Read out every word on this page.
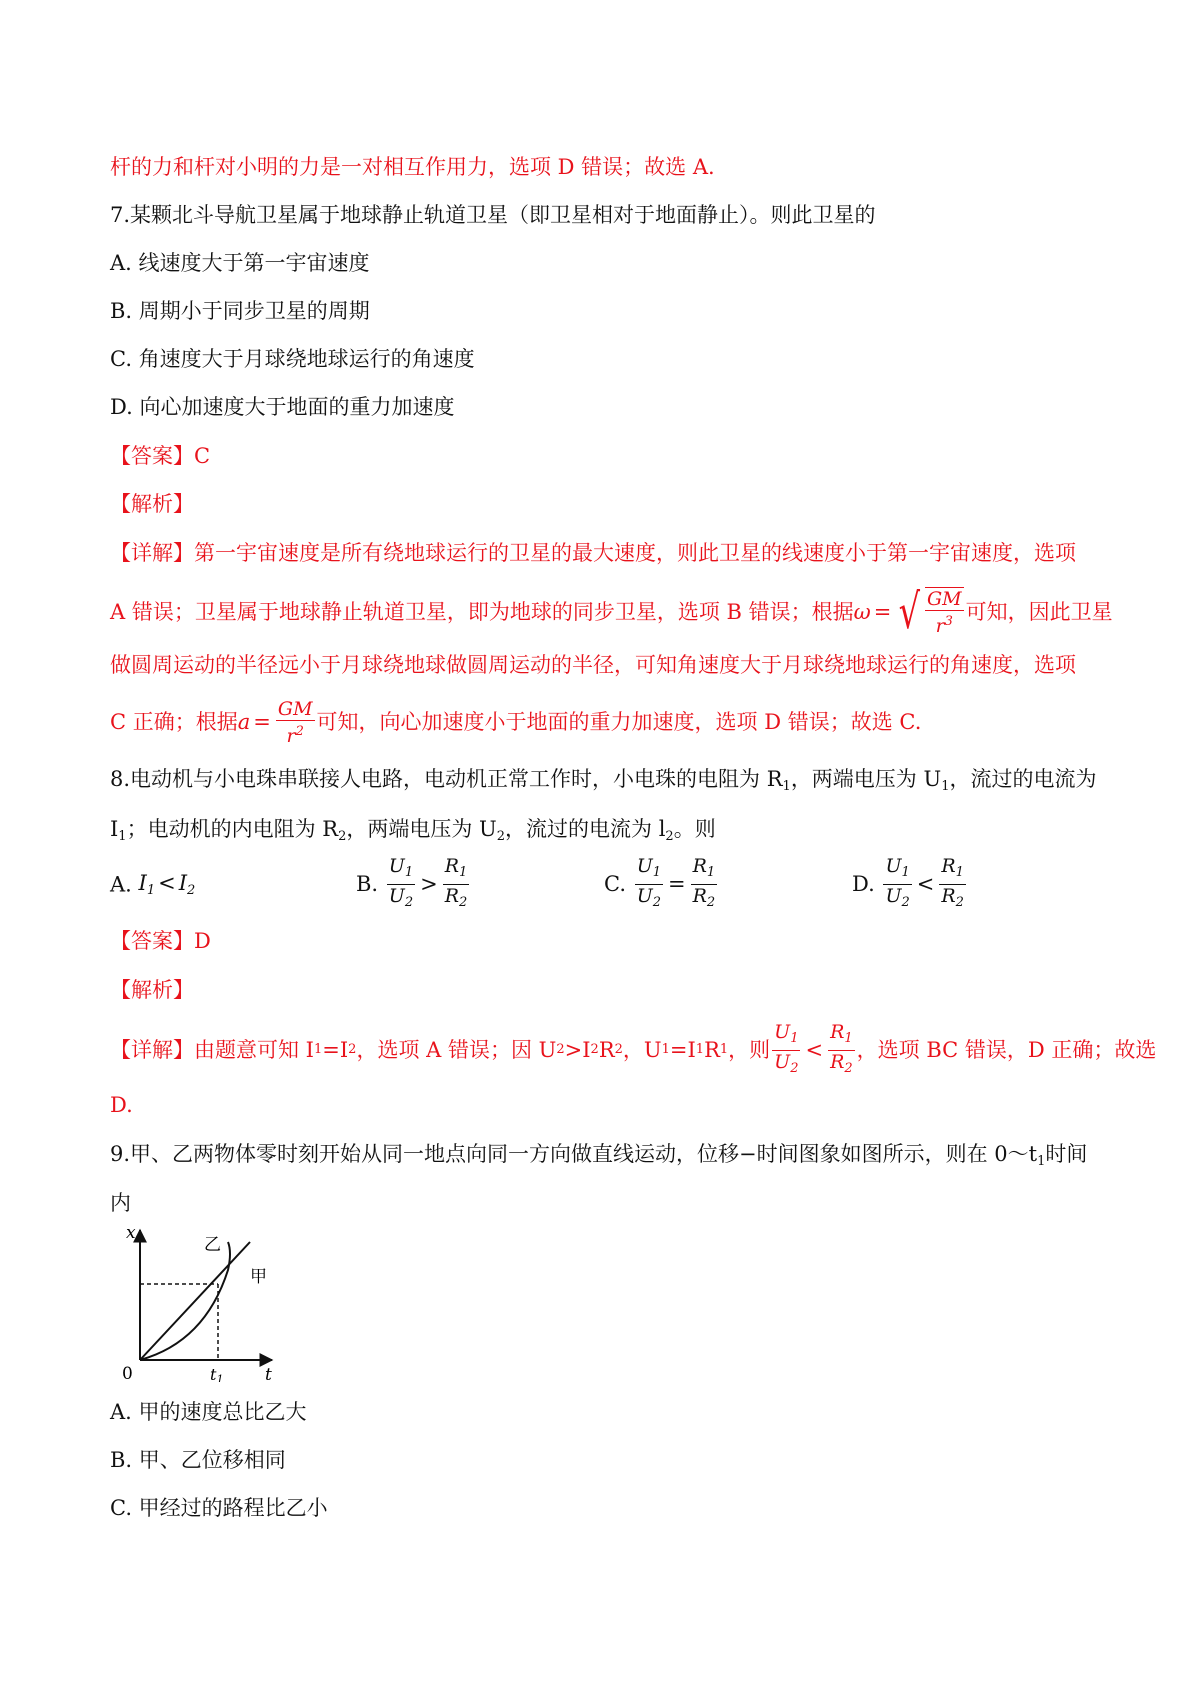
杆的力和杆对小明的力是一对相互作用力，选项 D 错误；故选 A.
7.某颗北斗导航卫星属于地球静止轨道卫星（即卫星相对于地面静止）。则此卫星的
A. 线速度大于第一宇宙速度
B. 周期小于同步卫星的周期
C. 角速度大于月球绕地球运行的角速度
D. 向心加速度大于地面的重力加速度
【答案】C
【解析】
【详解】第一宇宙速度是所有绕地球运行的卫星的最大速度，则此卫星的线速度小于第一宇宙速度，选项
A 错误；卫星属于地球静止轨道卫星，即为地球的同步卫星，选项 B 错误；根据 ω = √ $\frac{GM}{r^3}$ 可知，因此卫星
做圆周运动的半径远小于月球绕地球做圆周运动的半径，可知角速度大于月球绕地球运行的角速度，选项
C 正确；根据 $a = \frac{GM}{r^2}$ 可知，向心加速度小于地面的重力加速度，选项 D 错误；故选 C.
8.电动机与小电珠串联接人电路，电动机正常工作时，小电珠的电阻为 $R_1$，两端电压为 $U_1$，流过的电流为
$I_1$；电动机的内电阻为 $R_2$，两端电压为 $U_2$，流过的电流为 $l_2$。则
A. $I_1 < I_2$	B.
$\frac{U_1}{U_2} > \frac{R_1}{R_2}$	C.
$\frac{U_1}{U_2} = \frac{R_1}{R_2}$	D.
$\frac{U_1}{U_2} < \frac{R_1}{R_2}$
【答案】D
【解析】
【详解】由题意可知 I 1 =I 2 ，选项 A 错误；因 U 2 >I 2 R 2 ，U 1 =I 1 R 1 ，则 $\frac{U_1}{U_2} < \frac{R_1}{R_2}$ ，选项 BC 错误，D 正确；故选
D.
9.甲、乙两物体零时刻开始从同一地点向同一方向做直线运动，位移−时间图象如图所示，则在 $0\sim t_1$时间
内
x
t
0	t1
乙
甲
A. 甲的速度总比乙大
B. 甲、乙位移相同
C. 甲经过的路程比乙小
